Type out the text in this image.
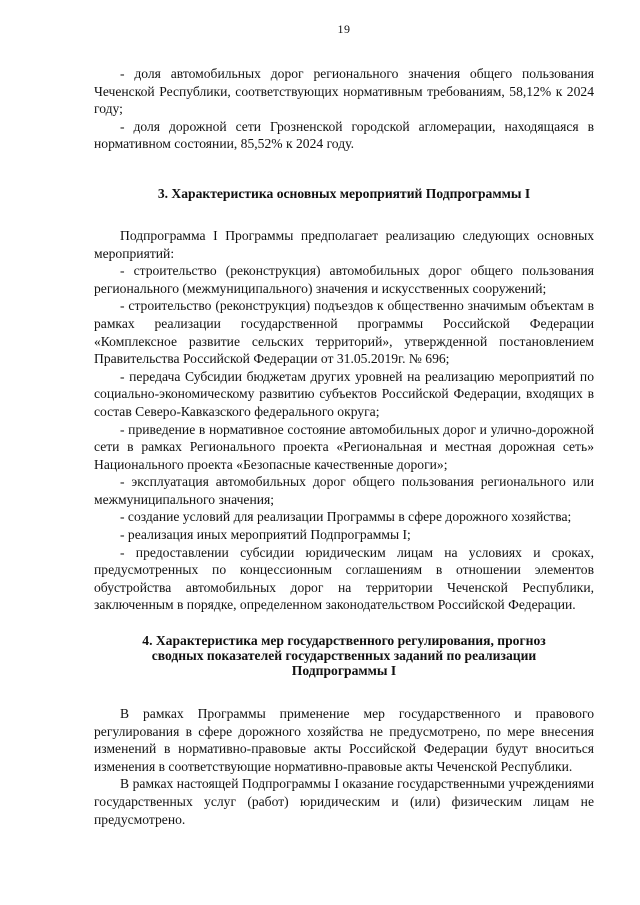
19

- доля автомобильных дорог регионального значения общего пользования Чеченской Республики, соответствующих нормативным требованиям, 58,12% к 2024 году;

- доля дорожной сети Грозненской городской агломерации, находящаяся в нормативном состоянии, 85,52% к 2024 году.

3. Характеристика основных мероприятий Подпрограммы I

Подпрограмма I Программы предполагает реализацию следующих основных мероприятий:

- строительство (реконструкция) автомобильных дорог общего пользования регионального (межмуниципального) значения и искусственных сооружений;

- строительство (реконструкция) подъездов к общественно значимым объектам в рамках реализации государственной программы Российской Федерации «Комплексное развитие сельских территорий», утвержденной постановлением Правительства Российской Федерации от 31.05.2019г. № 696;

- передача Субсидии бюджетам других уровней на реализацию мероприятий по социально-экономическому развитию субъектов Российской Федерации, входящих в состав Северо-Кавказского федерального округа;

- приведение в нормативное состояние автомобильных дорог и улично-дорожной сети в рамках Регионального проекта «Региональная и местная дорожная сеть» Национального проекта «Безопасные качественные дороги»;

- эксплуатация автомобильных дорог общего пользования регионального или межмуниципального значения;

- создание условий для реализации Программы в сфере дорожного хозяйства;

- реализация иных мероприятий Подпрограммы I;

- предоставлении субсидии юридическим лицам на условиях и сроках, предусмотренных по концессионным соглашениям в отношении элементов обустройства автомобильных дорог на территории Чеченской Республики, заключенным в порядке, определенном законодательством Российской Федерации.

4. Характеристика мер государственного регулирования, прогноз
сводных показателей государственных заданий по реализации
Подпрограммы I

В рамках Программы применение мер государственного и правового регулирования в сфере дорожного хозяйства не предусмотрено, по мере внесения изменений в нормативно-правовые акты Российской Федерации будут вноситься изменения в соответствующие нормативно-правовые акты Чеченской Республики.

В рамках настоящей Подпрограммы I оказание государственными учреждениями государственных услуг (работ) юридическим и (или) физическим лицам не предусмотрено.
